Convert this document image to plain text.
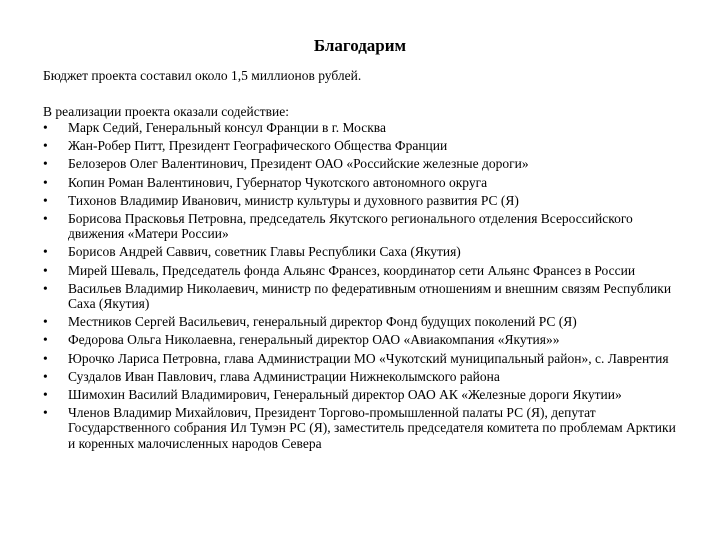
Благодарим
Бюджет проекта составил около 1,5 миллионов рублей.
В реализации проекта оказали содействие:
• Марк Седий, Генеральный консул Франции в г. Москва
• Жан-Робер Питт, Президент Географического Общества Франции
• Белозеров Олег Валентинович, Президент ОАО «Российские железные дороги»
• Копин Роман Валентинович, Губернатор Чукотского автономного округа
• Тихонов Владимир Иванович, министр культуры и духовного развития РС (Я)
• Борисова Прасковья Петровна, председатель Якутского регионального отделения Всероссийского движения «Матери России»
• Борисов Андрей Саввич, советник Главы Республики Саха (Якутия)
• Мирей Шеваль, Председатель фонда Альянс Франсез, координатор сети Альянс Франсез в России
• Васильев Владимир Николаевич, министр по федеративным отношениям и внешним связям Республики Саха (Якутия)
• Местников Сергей Васильевич, генеральный директор Фонд будущих поколений РС (Я)
• Федорова Ольга Николаевна, генеральный директор ОАО «Авиакомпания «Якутия»»
• Юрочко Лариса Петровна, глава Администрации МО «Чукотский муниципальный район», с. Лаврентия
• Суздалов Иван Павлович, глава Администрации Нижнеколымского района
• Шимохин Василий Владимирович, Генеральный директор ОАО АК «Железные дороги Якутии»
• Членов Владимир Михайлович, Президент Торгово-промышленной палаты РС (Я), депутат Государственного собрания Ил Тумэн РС (Я), заместитель председателя комитета по проблемам Арктики и коренных малочисленных народов Севера
